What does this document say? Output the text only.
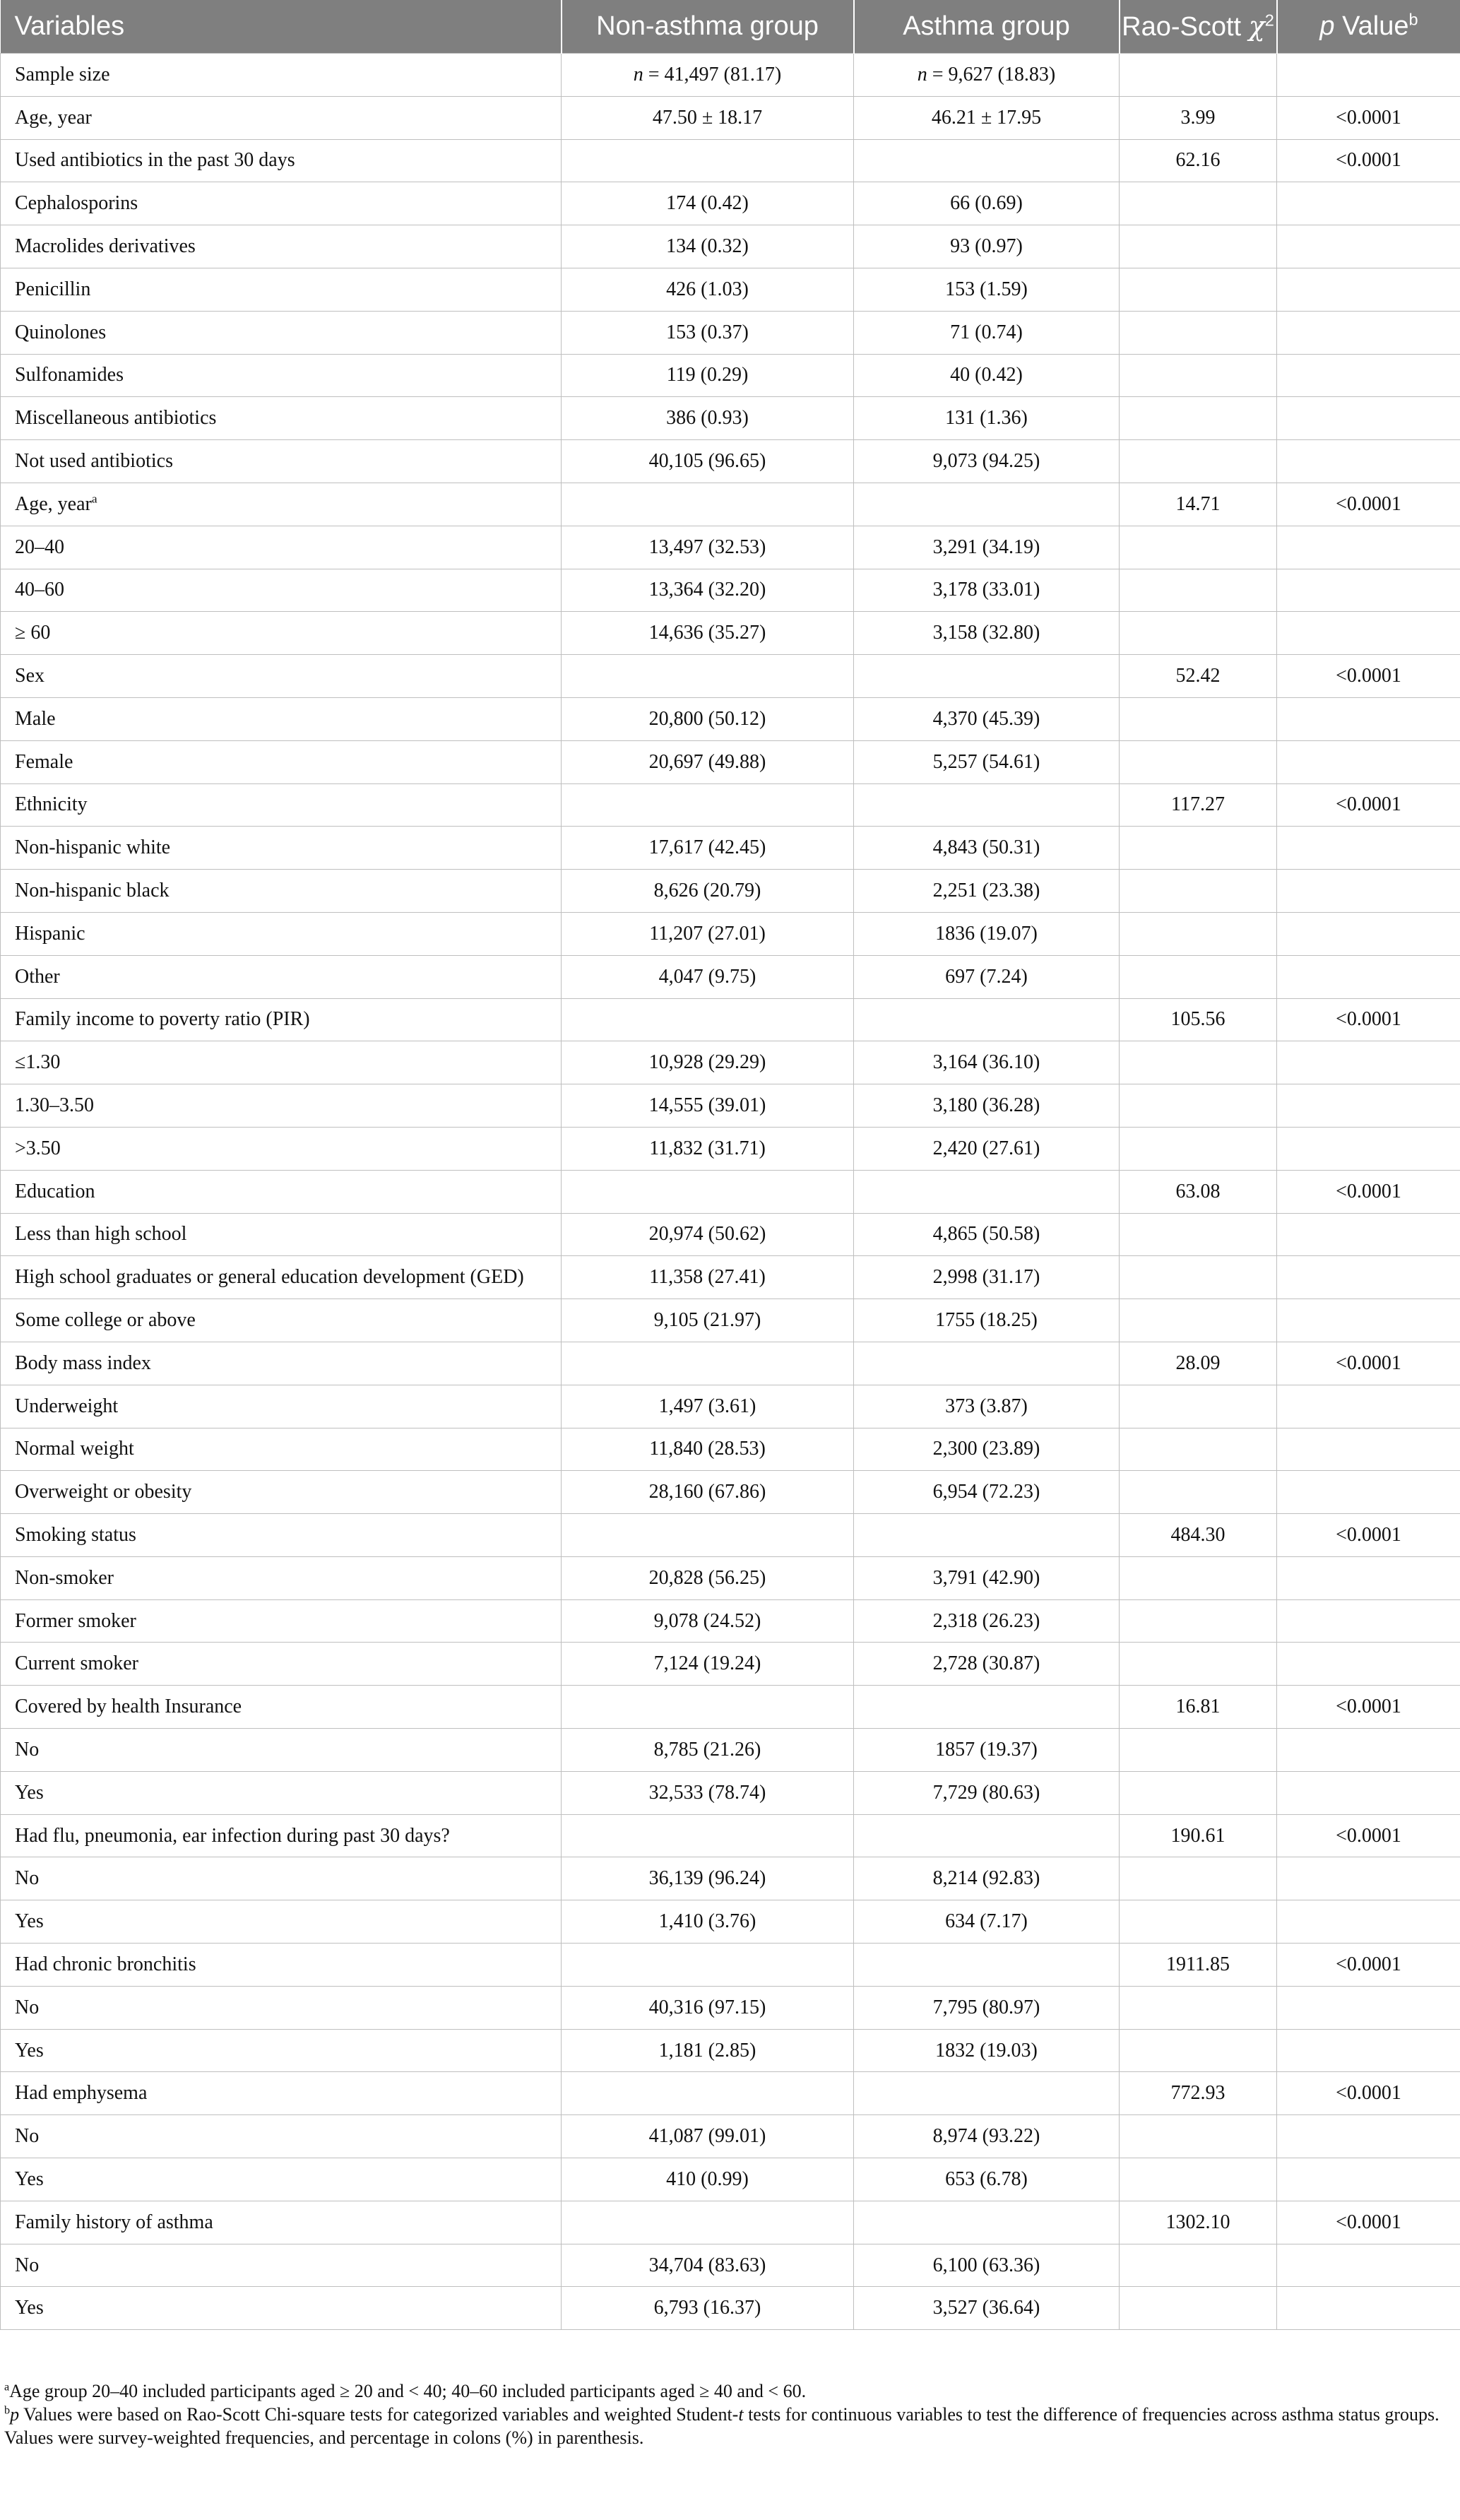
Variables	Non-asthma group	Asthma group	Rao-Scott $\chi^2$	p Value$^b$
Sample size	n = 41,497 (81.17)	n = 9,627 (18.83)		
Age, year	47.50 ± 18.17	46.21 ± 17.95	3.99	<0.0001
Used antibiotics in the past 30 days			62.16	<0.0001
Cephalosporins	174 (0.42)	66 (0.69)		
Macrolides derivatives	134 (0.32)	93 (0.97)		
Penicillin	426 (1.03)	153 (1.59)		
Quinolones	153 (0.37)	71 (0.74)		
Sulfonamides	119 (0.29)	40 (0.42)		
Miscellaneous antibiotics	386 (0.93)	131 (1.36)		
Not used antibiotics	40,105 (96.65)	9,073 (94.25)		
Age, year$^a$			14.71	<0.0001
20–40	13,497 (32.53)	3,291 (34.19)		
40–60	13,364 (32.20)	3,178 (33.01)		
≥ 60	14,636 (35.27)	3,158 (32.80)		
Sex			52.42	<0.0001
Male	20,800 (50.12)	4,370 (45.39)		
Female	20,697 (49.88)	5,257 (54.61)		
Ethnicity			117.27	<0.0001
Non-hispanic white	17,617 (42.45)	4,843 (50.31)		
Non-hispanic black	8,626 (20.79)	2,251 (23.38)		
Hispanic	11,207 (27.01)	1836 (19.07)		
Other	4,047 (9.75)	697 (7.24)		
Family income to poverty ratio (PIR)			105.56	<0.0001
≤1.30	10,928 (29.29)	3,164 (36.10)		
1.30–3.50	14,555 (39.01)	3,180 (36.28)		
>3.50	11,832 (31.71)	2,420 (27.61)		
Education			63.08	<0.0001
Less than high school	20,974 (50.62)	4,865 (50.58)		
High school graduates or general education development (GED)	11,358 (27.41)	2,998 (31.17)		
Some college or above	9,105 (21.97)	1755 (18.25)		
Body mass index			28.09	<0.0001
Underweight	1,497 (3.61)	373 (3.87)		
Normal weight	11,840 (28.53)	2,300 (23.89)		
Overweight or obesity	28,160 (67.86)	6,954 (72.23)		
Smoking status			484.30	<0.0001
Non-smoker	20,828 (56.25)	3,791 (42.90)		
Former smoker	9,078 (24.52)	2,318 (26.23)		
Current smoker	7,124 (19.24)	2,728 (30.87)		
Covered by health Insurance			16.81	<0.0001
No	8,785 (21.26)	1857 (19.37)		
Yes	32,533 (78.74)	7,729 (80.63)		
Had flu, pneumonia, ear infection during past 30 days?			190.61	<0.0001
No	36,139 (96.24)	8,214 (92.83)		
Yes	1,410 (3.76)	634 (7.17)		
Had chronic bronchitis			1911.85	<0.0001
No	40,316 (97.15)	7,795 (80.97)		
Yes	1,181 (2.85)	1832 (19.03)		
Had emphysema			772.93	<0.0001
No	41,087 (99.01)	8,974 (93.22)		
Yes	410 (0.99)	653 (6.78)		
Family history of asthma			1302.10	<0.0001
No	34,704 (83.63)	6,100 (63.36)		
Yes	6,793 (16.37)	3,527 (36.64)		

$^a$Age group 20–40 included participants aged ≥ 20 and < 40; 40–60 included participants aged ≥ 40 and < 60.

$^b$p Values were based on Rao-Scott Chi-square tests for categorized variables and weighted Student-t tests for continuous variables to test the difference of frequencies across asthma status groups.

Values were survey-weighted frequencies, and percentage in colons (%) in parenthesis.
